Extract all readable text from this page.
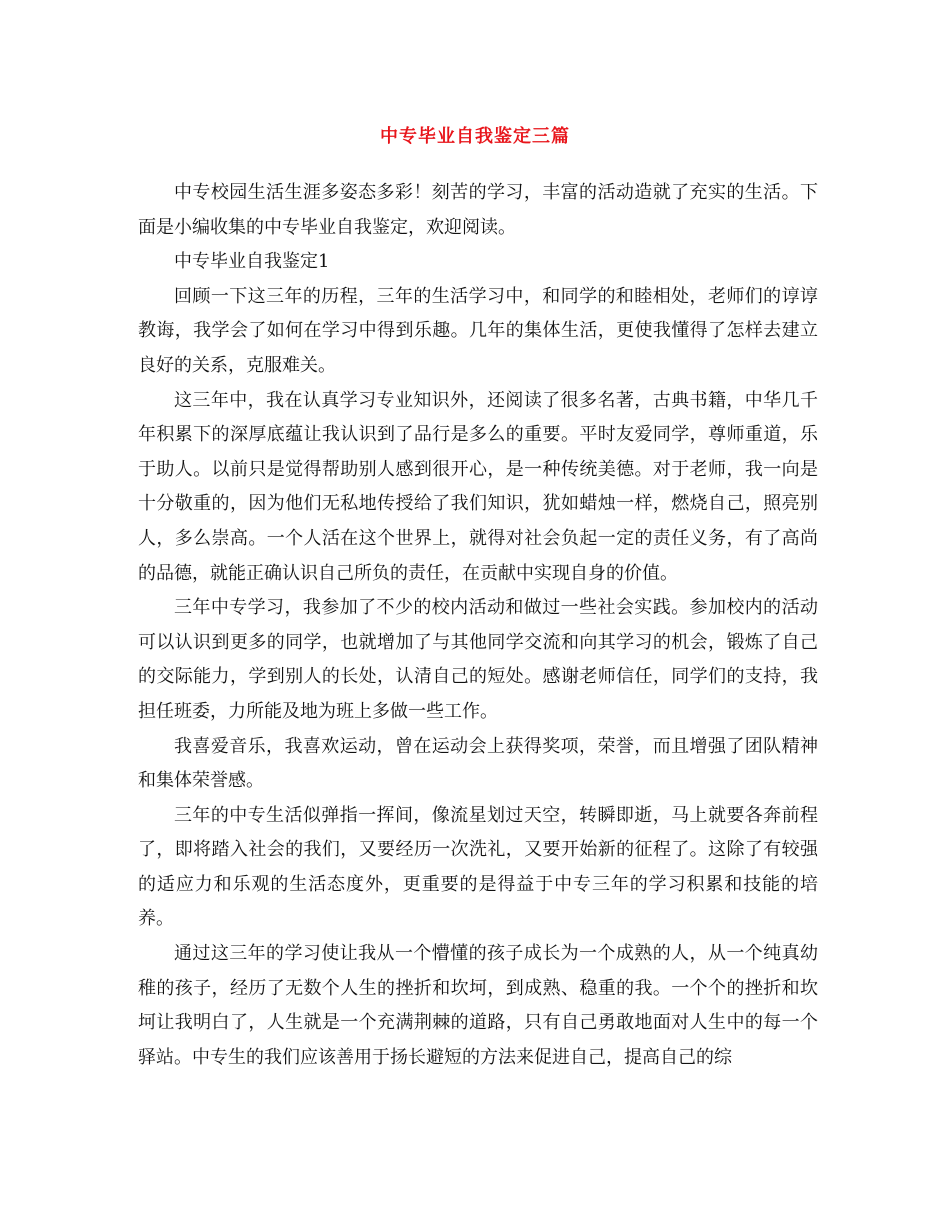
中专毕业自我鉴定三篇

中专校园生活生涯多姿态多彩！刻苦的学习，丰富的活动造就了充实的生活。下面是小编收集的中专毕业自我鉴定，欢迎阅读。

中专毕业自我鉴定1

回顾一下这三年的历程，三年的生活学习中，和同学的和睦相处，老师们的谆谆教诲，我学会了如何在学习中得到乐趣。几年的集体生活，更使我懂得了怎样去建立良好的关系，克服难关。

这三年中，我在认真学习专业知识外，还阅读了很多名著，古典书籍，中华几千年积累下的深厚底蕴让我认识到了品行是多么的重要。平时友爱同学，尊师重道，乐于助人。以前只是觉得帮助别人感到很开心，是一种传统美德。对于老师，我一向是十分敬重的，因为他们无私地传授给了我们知识，犹如蜡烛一样，燃烧自己，照亮别人，多么崇高。一个人活在这个世界上，就得对社会负起一定的责任义务，有了高尚的品德，就能正确认识自己所负的责任，在贡献中实现自身的价值。

三年中专学习，我参加了不少的校内活动和做过一些社会实践。参加校内的活动可以认识到更多的同学，也就增加了与其他同学交流和向其学习的机会，锻炼了自己的交际能力，学到别人的长处，认清自己的短处。感谢老师信任，同学们的支持，我担任班委，力所能及地为班上多做一些工作。

我喜爱音乐，我喜欢运动，曾在运动会上获得奖项，荣誉，而且增强了团队精神和集体荣誉感。

三年的中专生活似弹指一挥间，像流星划过天空，转瞬即逝，马上就要各奔前程了，即将踏入社会的我们，又要经历一次洗礼，又要开始新的征程了。这除了有较强的适应力和乐观的生活态度外，更重要的是得益于中专三年的学习积累和技能的培养。

通过这三年的学习使让我从一个懵懂的孩子成长为一个成熟的人，从一个纯真幼稚的孩子，经历了无数个人生的挫折和坎坷，到成熟、稳重的我。一个个的挫折和坎坷让我明白了，人生就是一个充满荆棘的道路，只有自己勇敢地面对人生中的每一个驿站。中专生的我们应该善用于扬长避短的方法来促进自己，提高自己的综
